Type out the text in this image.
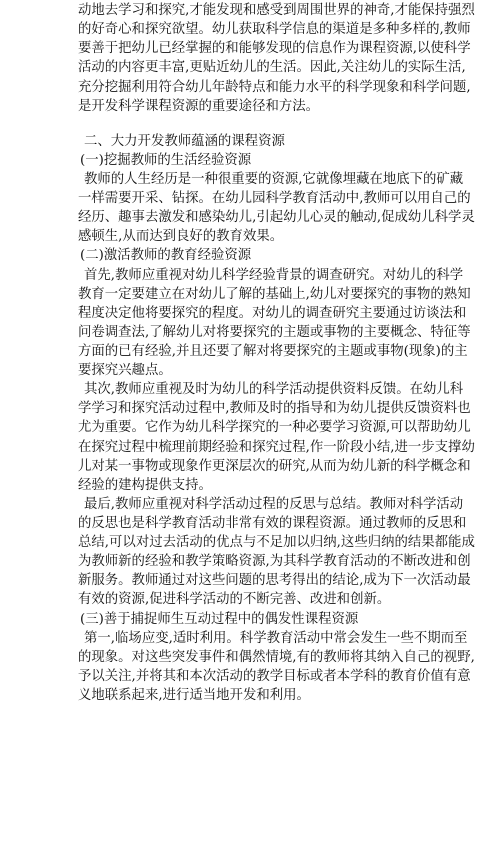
动地去学习和探究,才能发现和感受到周围世界的神奇,才能保持强烈

的好奇心和探究欲望。幼儿获取科学信息的渠道是多种多样的,教师

要善于把幼儿已经掌握的和能够发现的信息作为课程资源,以使科学

活动的内容更丰富,更贴近幼儿的生活。因此,关注幼儿的实际生活,

充分挖掘利用符合幼儿年龄特点和能力水平的科学现象和科学问题,

是开发科学课程资源的重要途径和方法。

二、大力开发教师蕴涵的课程资源

(一)挖掘教师的生活经验资源

教师的人生经历是一种很重要的资源,它就像埋藏在地底下的矿藏

一样需要开采、钻探。在幼儿园科学教育活动中,教师可以用自己的

经历、趣事去激发和感染幼儿,引起幼儿心灵的触动,促成幼儿科学灵

感顿生,从而达到良好的教育效果。

(二)激活教师的教育经验资源

首先,教师应重视对幼儿科学经验背景的调查研究。对幼儿的科学

教育一定要建立在对幼儿了解的基础上,幼儿对要探究的事物的熟知

程度决定他将要探究的程度。对幼儿的调查研究主要通过访谈法和

问卷调查法,了解幼儿对将要探究的主题或事物的主要概念、特征等

方面的已有经验,并且还要了解对将要探究的主题或事物(现象)的主

要探究兴趣点。

其次,教师应重视及时为幼儿的科学活动提供资料反馈。在幼儿科

学学习和探究活动过程中,教师及时的指导和为幼儿提供反馈资料也

尤为重要。它作为幼儿科学探究的一种必要学习资源,可以帮助幼儿

在探究过程中梳理前期经验和探究过程,作一阶段小结,进一步支撑幼

儿对某一事物或现象作更深层次的研究,从而为幼儿新的科学概念和

经验的建构提供支持。

最后,教师应重视对科学活动过程的反思与总结。教师对科学活动

的反思也是科学教育活动非常有效的课程资源。通过教师的反思和

总结,可以对过去活动的优点与不足加以归纳,这些归纳的结果都能成

为教师新的经验和教学策略资源,为其科学教育活动的不断改进和创

新服务。教师通过对这些问题的思考得出的结论,成为下一次活动最

有效的资源,促进科学活动的不断完善、改进和创新。

(三)善于捕捉师生互动过程中的偶发性课程资源

第一,临场应变,适时利用。科学教育活动中常会发生一些不期而至

的现象。对这些突发事件和偶然情境,有的教师将其纳入自己的视野,

予以关注,并将其和本次活动的教学目标或者本学科的教育价值有意

义地联系起来,进行适当地开发和利用。
